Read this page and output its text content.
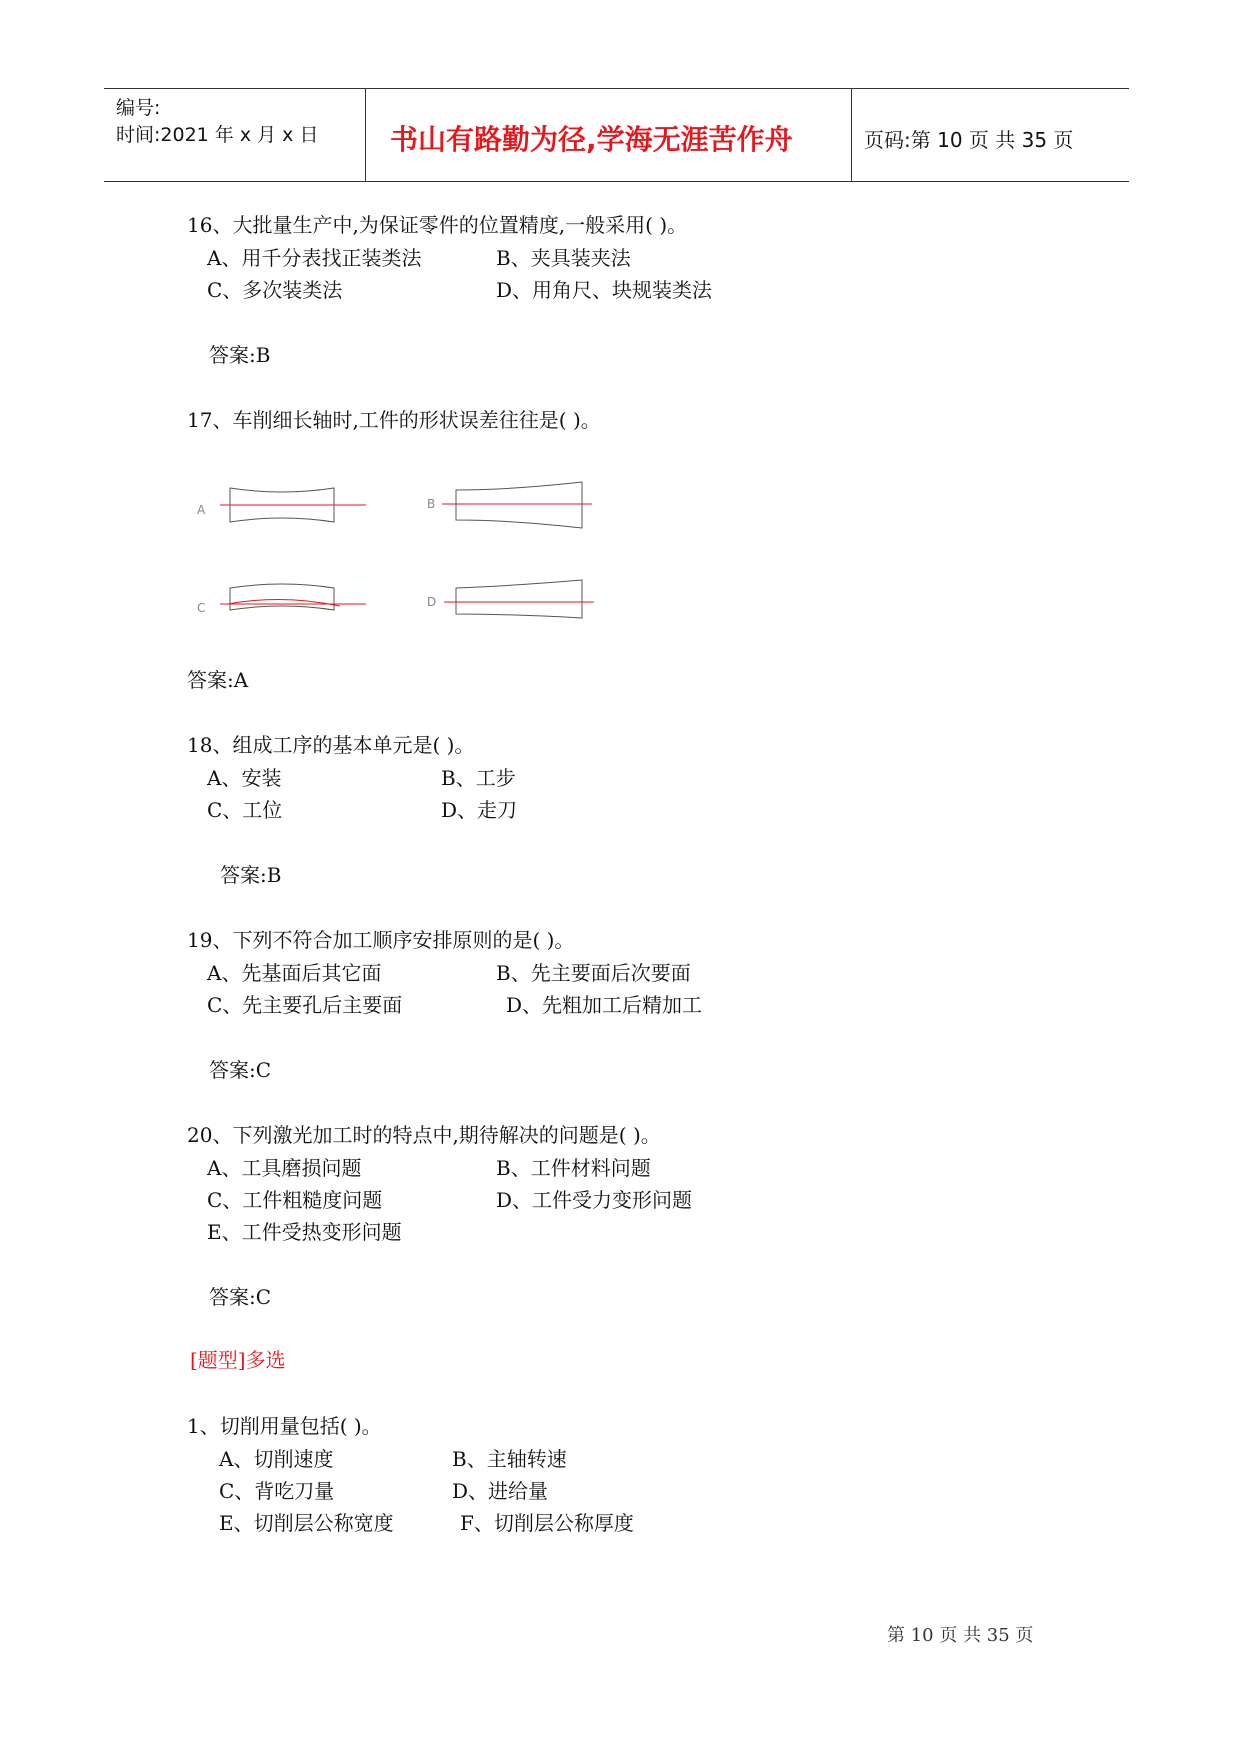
编号:
时间:2021 年 x 月 x 日	书山有路勤为径,学海无涯苦作舟	页码:第 10 页 共 35 页
16、大批量生产中,为保证零件的位置精度,一般采用( )。
A、用千分表找正装类法	B、夹具装夹法
C、多次装类法	D、用角尺、块规装类法
答案:B
17、车削细长轴时,工件的形状误差往往是( )。
A	B
C	D
答案:A
18、组成工序的基本单元是( )。
A、安装	B、工步
C、工位	D、走刀
答案:B
19、下列不符合加工顺序安排原则的是( )。
A、先基面后其它面	B、先主要面后次要面
C、先主要孔后主要面	D、先粗加工后精加工
答案:C
20、下列激光加工时的特点中,期待解决的问题是( )。
A、工具磨损问题	B、工件材料问题
C、工件粗糙度问题	D、工件受力变形问题
E、工件受热变形问题
答案:C
[题型]多选
1、切削用量包括( )。
A、切削速度	B、主轴转速
C、背吃刀量	D、进给量
E、切削层公称宽度	F、切削层公称厚度
第 10 页 共 35 页
